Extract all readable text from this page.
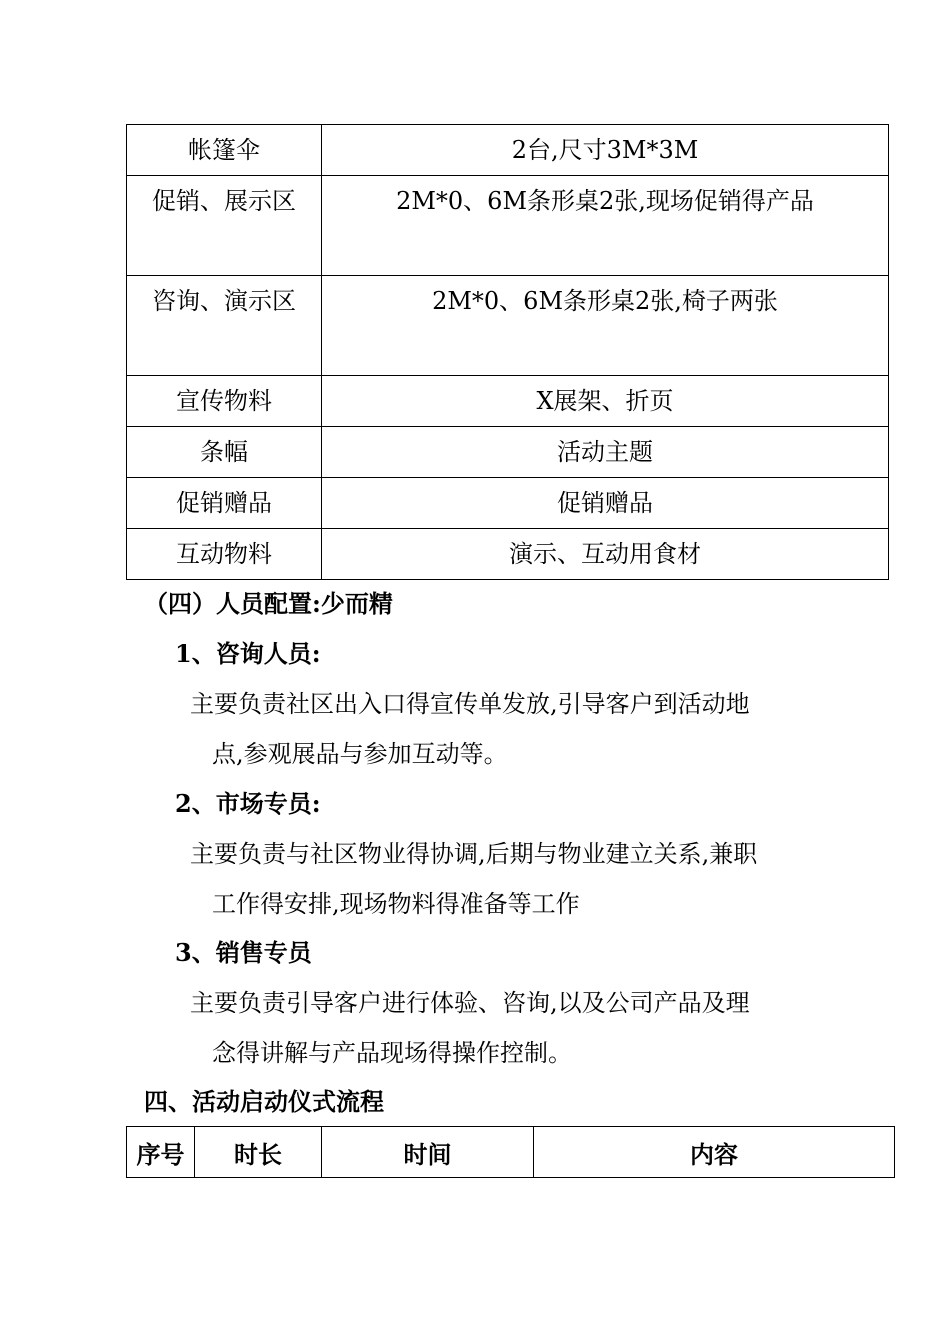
帐篷伞	2台,尺寸3M*3M
促销、展示区	2M*0、6M条形桌2张,现场促销得产品
咨询、演示区	2M*0、6M条形桌2张,椅子两张
宣传物料	X展架、折页
条幅	活动主题
促销赠品	促销赠品
互动物料	演示、互动用食材
（四）人员配置:少而精
1、咨询人员:
主要负责社区出入口得宣传单发放,引导客户到活动地
点,参观展品与参加互动等。
2、市场专员:
主要负责与社区物业得协调,后期与物业建立关系,兼职
工作得安排,现场物料得准备等工作
3、销售专员
主要负责引导客户进行体验、咨询,以及公司产品及理
念得讲解与产品现场得操作控制。
四、活动启动仪式流程
序号	时长	时间	内容
